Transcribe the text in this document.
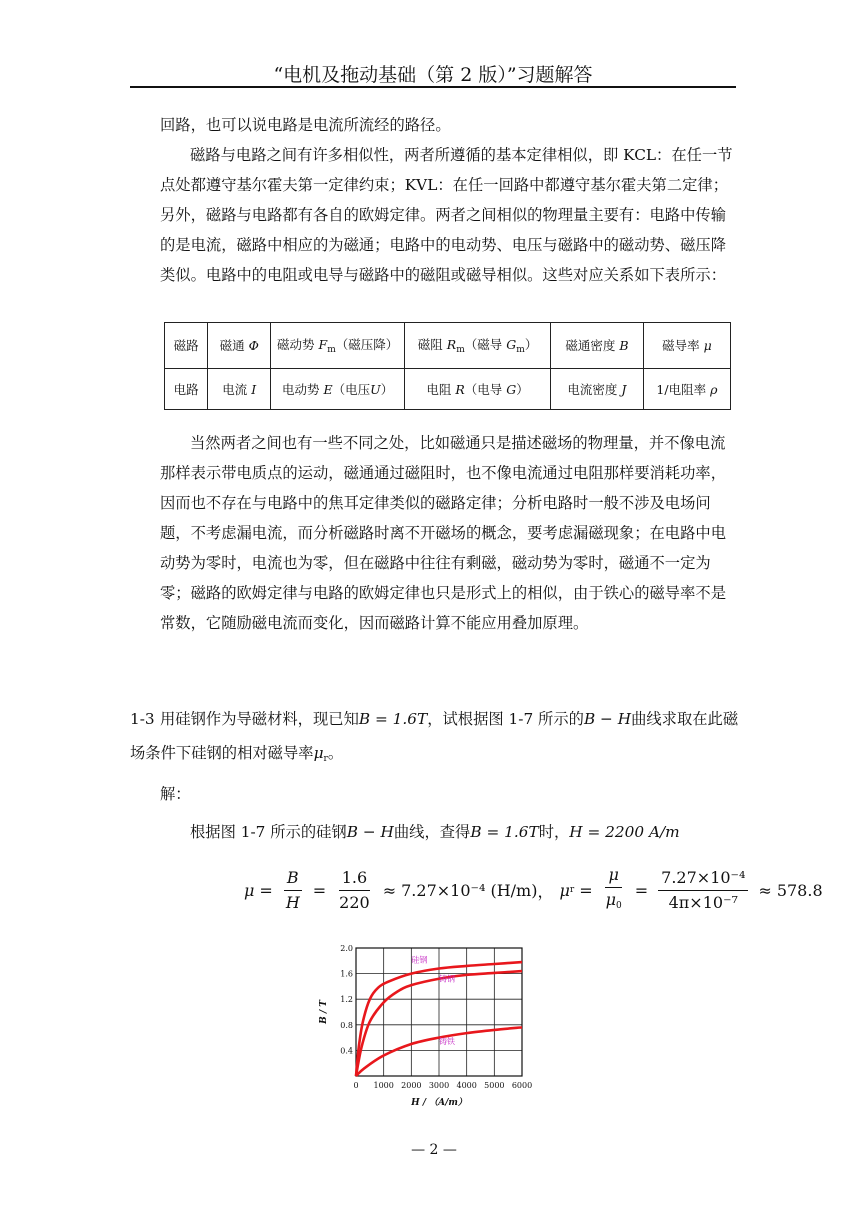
“电机及拖动基础（第 2 版）”习题解答

回路，也可以说电路是电流所流经的路径。

磁路与电路之间有许多相似性，两者所遵循的基本定律相似，即 KCL：在任一节点处都遵守基尔霍夫第一定律约束；KVL：在任一回路中都遵守基尔霍夫第二定律；另外，磁路与电路都有各自的欧姆定律。两者之间相似的物理量主要有：电路中传输的是电流，磁路中相应的为磁通；电路中的电动势、电压与磁路中的磁动势、磁压降类似。电路中的电阻或电导与磁路中的磁阻或磁导相似。这些对应关系如下表所示：

磁路	磁通 Φ	磁动势 $F_m$（磁压降）	磁阻 $R_m$（磁导 $G_m$）	磁通密度 B	磁导率 μ
电路	电流 I	电动势 E（电压U）	电阻 R（电导 G）	电流密度 J	1/电阻率 ρ

当然两者之间也有一些不同之处，比如磁通只是描述磁场的物理量，并不像电流那样表示带电质点的运动，磁通通过磁阻时，也不像电流通过电阻那样要消耗功率，因而也不存在与电路中的焦耳定律类似的磁路定律；分析电路时一般不涉及电场问题，不考虑漏电流，而分析磁路时离不开磁场的概念，要考虑漏磁现象；在电路中电动势为零时，电流也为零，但在磁路中往往有剩磁，磁动势为零时，磁通不一定为零；磁路的欧姆定律与电路的欧姆定律也只是形式上的相似，由于铁心的磁导率不是常数，它随励磁电流而变化，因而磁路计算不能应用叠加原理。

1-3 用硅钢作为导磁材料，现已知B = 1.6T，试根据图 1-7 所示的B − H曲线求取在此磁场条件下硅钢的相对磁导率$\mu_r$。
解：
根据图 1-7 所示的硅钢B − H曲线，查得B = 1.6T时，H = 2200 A/m
$\mu = \frac{B}{H} = \frac{1.6}{220} \approx 7.27\times 10^{-4}$ (H/m) ， μ $r = \frac{\mu}{\mu_0} = \frac{\text{7.27×10⁻⁴}}{\text{4π×10⁻⁷}} \approx 578.8$
0 1000 2000 3000 4000 5000 6000
0.4
0.8
1.2
1.6
2.0
H / （A/m）
B / T
硅钢
铸钢
铸铁
— 2 —
